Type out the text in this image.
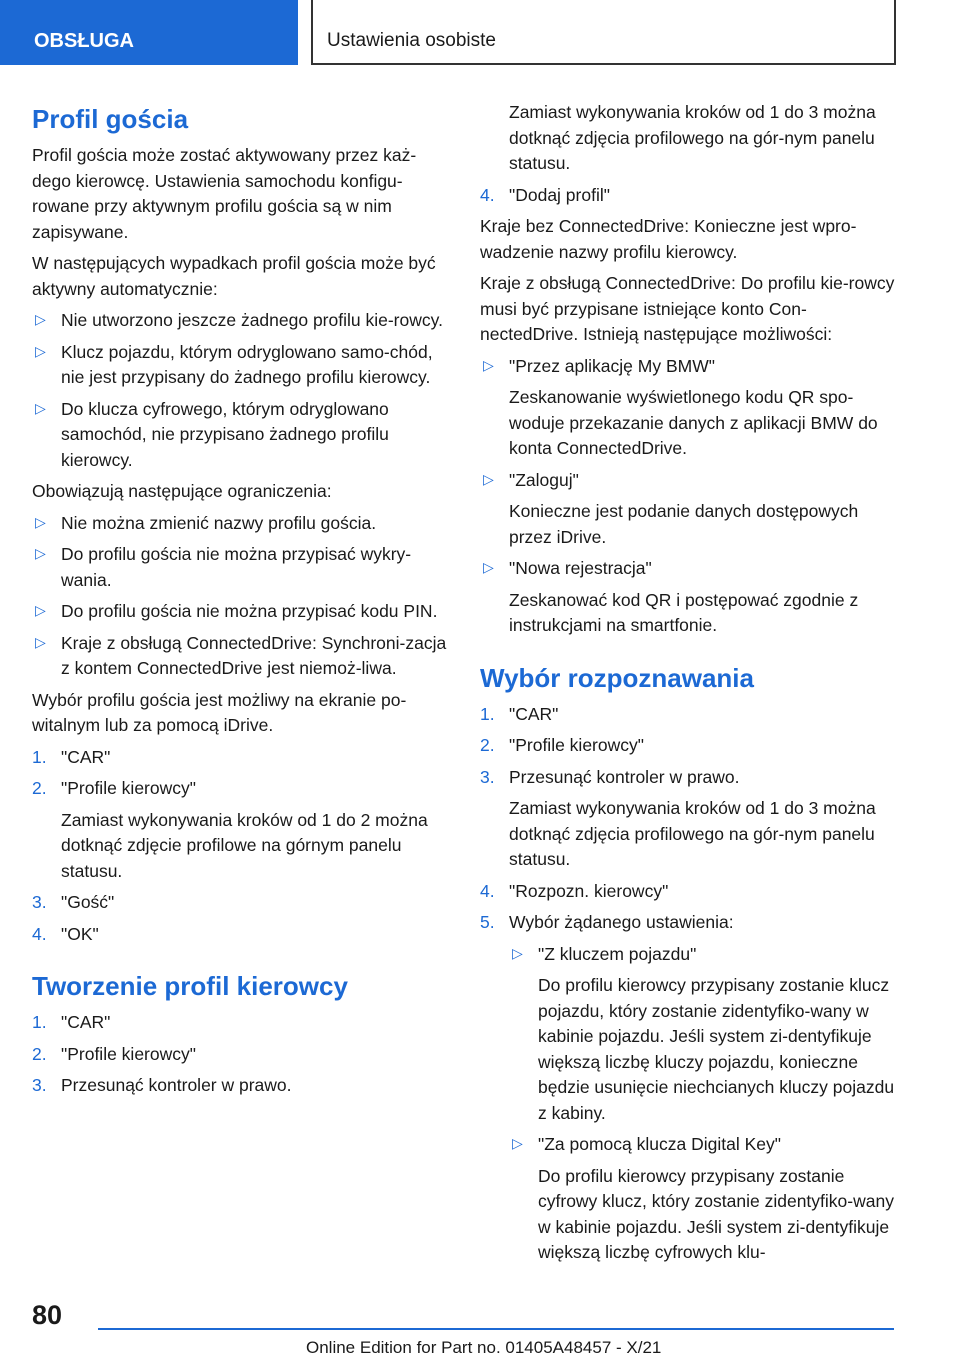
OBSŁUGA	Ustawienia osobiste
Profil gościa

Profil gościa może zostać aktywowany przez każ-dego kierowcę. Ustawienia samochodu konfigu-rowane przy aktywnym profilu gościa są w nim zapisywane.

W następujących wypadkach profil gościa może być aktywny automatycznie:

▷ Nie utworzono jeszcze żadnego profilu kie-rowcy.
▷ Klucz pojazdu, którym odryglowano samo-chód, nie jest przypisany do żadnego profilu kierowcy.
▷ Do klucza cyfrowego, którym odryglowano samochód, nie przypisano żadnego profilu kierowcy.

Obowiązują następujące ograniczenia:

▷ Nie można zmienić nazwy profilu gościa.
▷ Do profilu gościa nie można przypisać wykry-wania.
▷ Do profilu gościa nie można przypisać kodu PIN.
▷ Kraje z obsługą ConnectedDrive: Synchroni-zacja z kontem ConnectedDrive jest niemoż-liwa.

Wybór profilu gościa jest możliwy na ekranie po-witalnym lub za pomocą iDrive.

1. "CAR"
2. "Profile kierowcy"
Zamiast wykonywania kroków od 1 do 2 można dotknąć zdjęcie profilowe na górnym panelu statusu.
3. "Gość"
4. "OK"
Tworzenie profil kierowcy
1. "CAR"
2. "Profile kierowcy"
3. Przesunąć kontroler w prawo.
Zamiast wykonywania kroków od 1 do 3 można dotknąć zdjęcia profilowego na gór-nym panelu statusu.
4. "Dodaj profil"

Kraje bez ConnectedDrive: Konieczne jest wpro-wadzenie nazwy profilu kierowcy.

Kraje z obsługą ConnectedDrive: Do profilu kie-rowcy musi być przypisane istniejące konto Con-nectedDrive. Istnieją następujące możliwości:

▷ "Przez aplikację My BMW"
Zeskanowanie wyświetlonego kodu QR spo-woduje przekazanie danych z aplikacji BMW do konta ConnectedDrive.
▷ "Zaloguj"
Konieczne jest podanie danych dostępowych przez iDrive.
▷ "Nowa rejestracja"
Zeskanować kod QR i postępować zgodnie z instrukcjami na smartfonie.
Wybór rozpoznawania
1. "CAR"
2. "Profile kierowcy"
3. Przesunąć kontroler w prawo.
Zamiast wykonywania kroków od 1 do 3 można dotknąć zdjęcia profilowego na gór-nym panelu statusu.
4. "Rozpozn. kierowcy"
5. Wybór żądanego ustawienia:
▷ "Z kluczem pojazdu"
Do profilu kierowcy przypisany zostanie klucz pojazdu, który zostanie zidentyfiko-wany w kabinie pojazdu. Jeśli system zi-dentyfikuje większą liczbę kluczy pojazdu, konieczne będzie usunięcie niechcianych kluczy pojazdu z kabiny.
▷ "Za pomocą klucza Digital Key"
Do profilu kierowcy przypisany zostanie cyfrowy klucz, który zostanie zidentyfiko-wany w kabinie pojazdu. Jeśli system zi-dentyfikuje większą liczbę cyfrowych klu-
80
Online Edition for Part no. 01405A48457 - X/21
